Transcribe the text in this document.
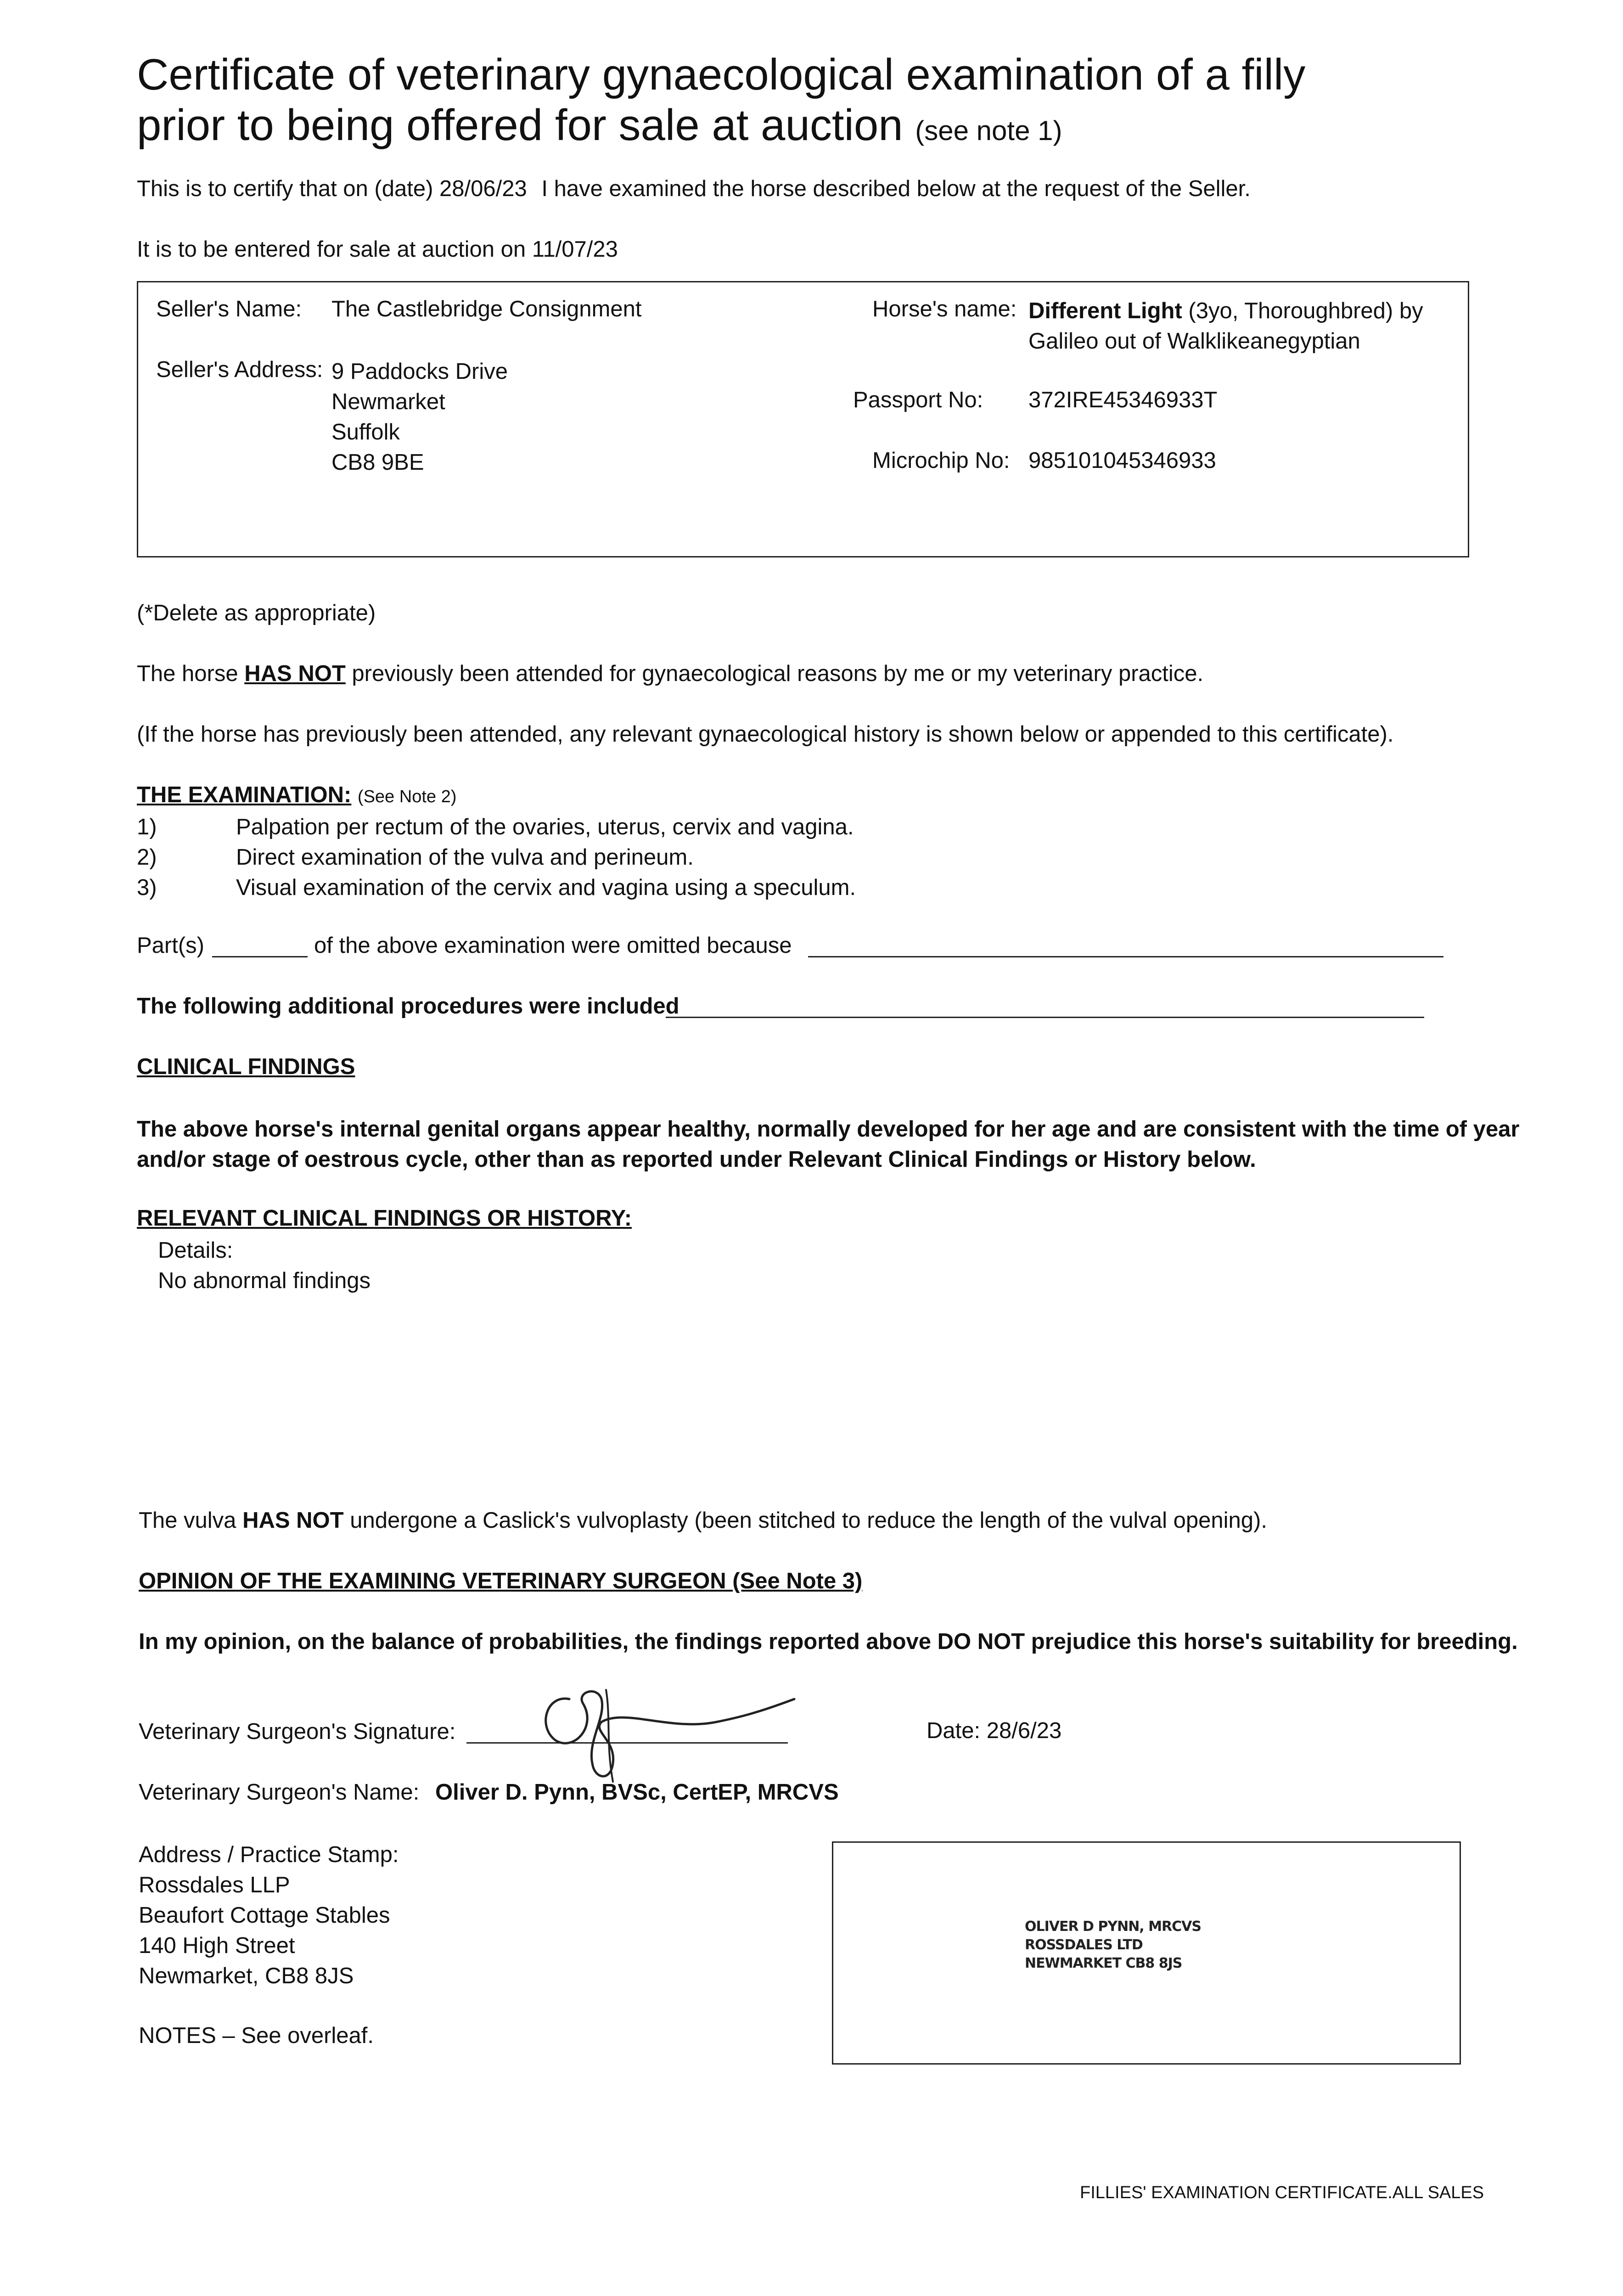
Certificate of veterinary gynaecological examination of a filly
prior to being offered for sale at auction (see note 1)
This is to certify that on (date) 28/06/23 I have examined the horse described below at the request of the Seller.
It is to be entered for sale at auction on 11/07/23
Seller's Name: The Castlebridge Consignment
Seller's Address: 9 Paddocks Drive
Newmarket
Suffolk
CB8 9BE
Horse's name: Different Light (3yo, Thoroughbred) by
Galileo out of Walklikeanegyptian
Passport No: 372IRE45346933T
Microchip No: 985101045346933
(*Delete as appropriate)
The horse HAS NOT previously been attended for gynaecological reasons by me or my veterinary practice.
(If the horse has previously been attended, any relevant gynaecological history is shown below or appended to this certificate).
THE EXAMINATION: (See Note 2)
1)	Palpation per rectum of the ovaries, uterus, cervix and vagina.
2)	Direct examination of the vulva and perineum.
3)	Visual examination of the cervix and vagina using a speculum.
Part(s)	of the above examination were omitted because
The following additional procedures were included
CLINICAL FINDINGS
The above horse's internal genital organs appear healthy, normally developed for her age and are consistent with the time of year
and/or stage of oestrous cycle, other than as reported under Relevant Clinical Findings or History below.
RELEVANT CLINICAL FINDINGS OR HISTORY:
Details:
No abnormal findings
The vulva HAS NOT undergone a Caslick's vulvoplasty (been stitched to reduce the length of the vulval opening).
OPINION OF THE EXAMINING VETERINARY SURGEON (See Note 3)
In my opinion, on the balance of probabilities, the findings reported above DO NOT prejudice this horse's suitability for breeding.
Veterinary Surgeon's Signature:	Date: 28/6/23
Veterinary Surgeon's Name: Oliver D. Pynn, BVSc, CertEP, MRCVS
Address / Practice Stamp:
Rossdales LLP
Beaufort Cottage Stables
140 High Street
Newmarket, CB8 8JS
OLIVER D PYNN, MRCVS
ROSSDALES LTD
NEWMARKET CB8 8JS
NOTES – See overleaf.
FILLIES' EXAMINATION CERTIFICATE.ALL SALES
